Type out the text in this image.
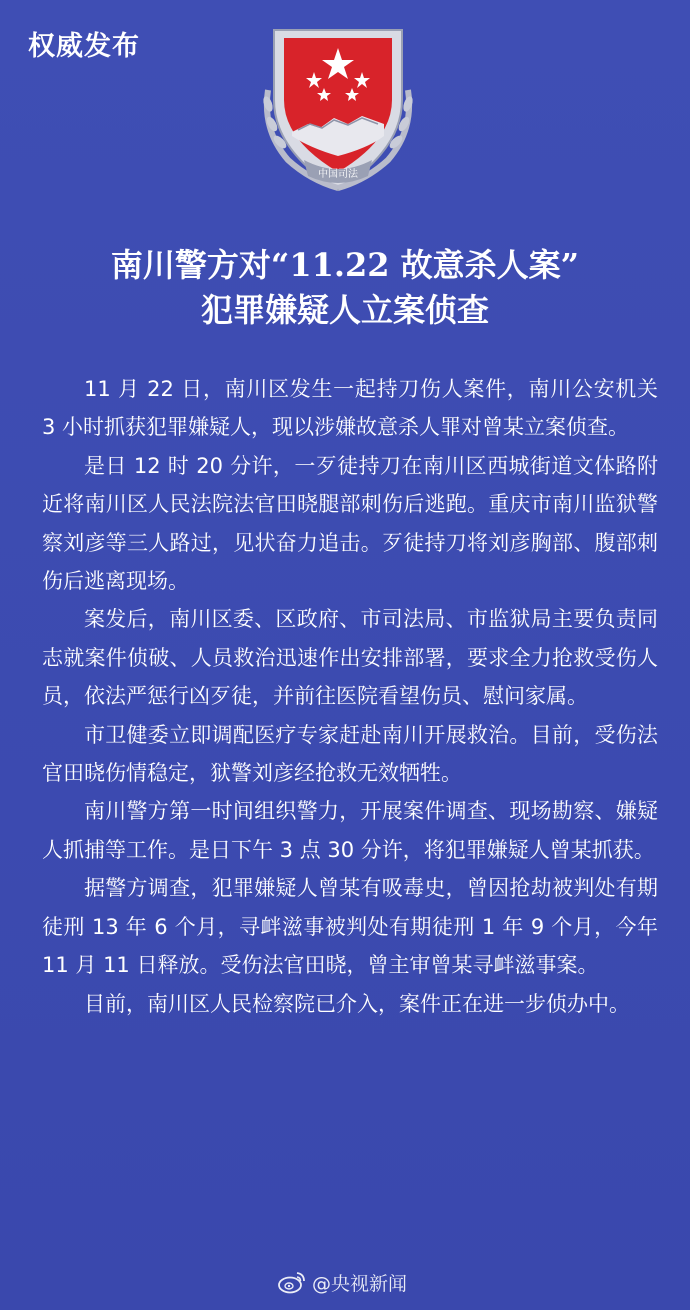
权威发布
中国司法
南川警方对“11.22 故意杀人案”
犯罪嫌疑人立案侦查

11 月 22 日，南川区发生一起持刀伤人案件，南川公安机关 3 小时抓获犯罪嫌疑人，现以涉嫌故意杀人罪对曾某立案侦查。

是日 12 时 20 分许，一歹徒持刀在南川区西城街道文体路附近将南川区人民法院法官田晓腿部刺伤后逃跑。重庆市南川监狱警察刘彦等三人路过，见状奋力追击。歹徒持刀将刘彦胸部、腹部刺伤后逃离现场。

案发后，南川区委、区政府、市司法局、市监狱局主要负责同志就案件侦破、人员救治迅速作出安排部署，要求全力抢救受伤人员，依法严惩行凶歹徒，并前往医院看望伤员、慰问家属。

市卫健委立即调配医疗专家赶赴南川开展救治。目前，受伤法官田晓伤情稳定，狱警刘彦经抢救无效牺牲。

南川警方第一时间组织警力，开展案件调查、现场勘察、嫌疑人抓捕等工作。是日下午 3 点 30 分许，将犯罪嫌疑人曾某抓获。

据警方调查，犯罪嫌疑人曾某有吸毒史，曾因抢劫被判处有期徒刑 13 年 6 个月，寻衅滋事被判处有期徒刑 1 年 9 个月，今年 11 月 11 日释放。受伤法官田晓，曾主审曾某寻衅滋事案。

目前，南川区人民检察院已介入，案件正在进一步侦办中。

@央视新闻
